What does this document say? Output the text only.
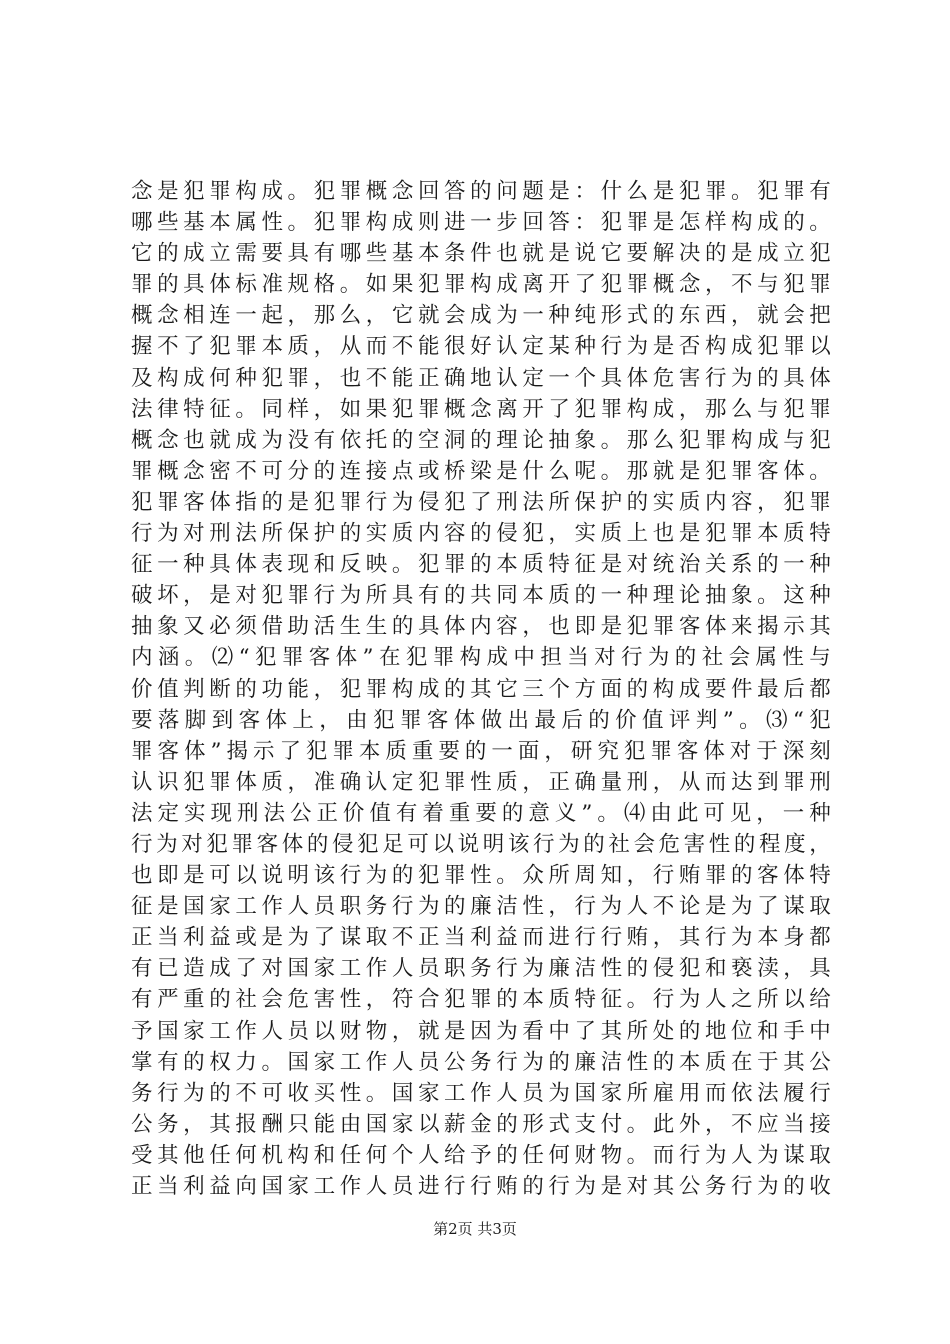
念是犯罪构成。犯罪概念回答的问题是：什么是犯罪。犯罪有
哪些基本属性。犯罪构成则进一步回答：犯罪是怎样构成的。
它的成立需要具有哪些基本条件也就是说它要解决的是成立犯
罪的具体标准规格。如果犯罪构成离开了犯罪概念，不与犯罪
概念相连一起，那么，它就会成为一种纯形式的东西，就会把
握不了犯罪本质，从而不能很好认定某种行为是否构成犯罪以
及构成何种犯罪，也不能正确地认定一个具体危害行为的具体
法律特征。同样，如果犯罪概念离开了犯罪构成，那么与犯罪
概念也就成为没有依托的空洞的理论抽象。那么犯罪构成与犯
罪概念密不可分的连接点或桥梁是什么呢。那就是犯罪客体。
犯罪客体指的是犯罪行为侵犯了刑法所保护的实质内容，犯罪
行为对刑法所保护的实质内容的侵犯，实质上也是犯罪本质特
征一种具体表现和反映。犯罪的本质特征是对统治关系的一种
破坏，是对犯罪行为所具有的共同本质的一种理论抽象。这种
抽象又必须借助活生生的具体内容，也即是犯罪客体来揭示其
内涵。⑵“犯罪客体”在犯罪构成中担当对行为的社会属性与
价值判断的功能，犯罪构成的其它三个方面的构成要件最后都
要落脚到客体上，由犯罪客体做出最后的价值评判”。⑶“犯
罪客体”揭示了犯罪本质重要的一面，研究犯罪客体对于深刻
认识犯罪体质，准确认定犯罪性质，正确量刑，从而达到罪刑
法定实现刑法公正价值有着重要的意义”。⑷由此可见，一种
行为对犯罪客体的侵犯足可以说明该行为的社会危害性的程度，
也即是可以说明该行为的犯罪性。众所周知，行贿罪的客体特
征是国家工作人员职务行为的廉洁性，行为人不论是为了谋取
正当利益或是为了谋取不正当利益而进行行贿，其行为本身都
有已造成了对国家工作人员职务行为廉洁性的侵犯和亵渎，具
有严重的社会危害性，符合犯罪的本质特征。行为人之所以给
予国家工作人员以财物，就是因为看中了其所处的地位和手中
掌有的权力。国家工作人员公务行为的廉洁性的本质在于其公
务行为的不可收买性。国家工作人员为国家所雇用而依法履行
公务，其报酬只能由国家以薪金的形式支付。此外，不应当接
受其他任何机构和任何个人给予的任何财物。而行为人为谋取
正当利益向国家工作人员进行行贿的行为是对其公务行为的收
第2页 共3页
